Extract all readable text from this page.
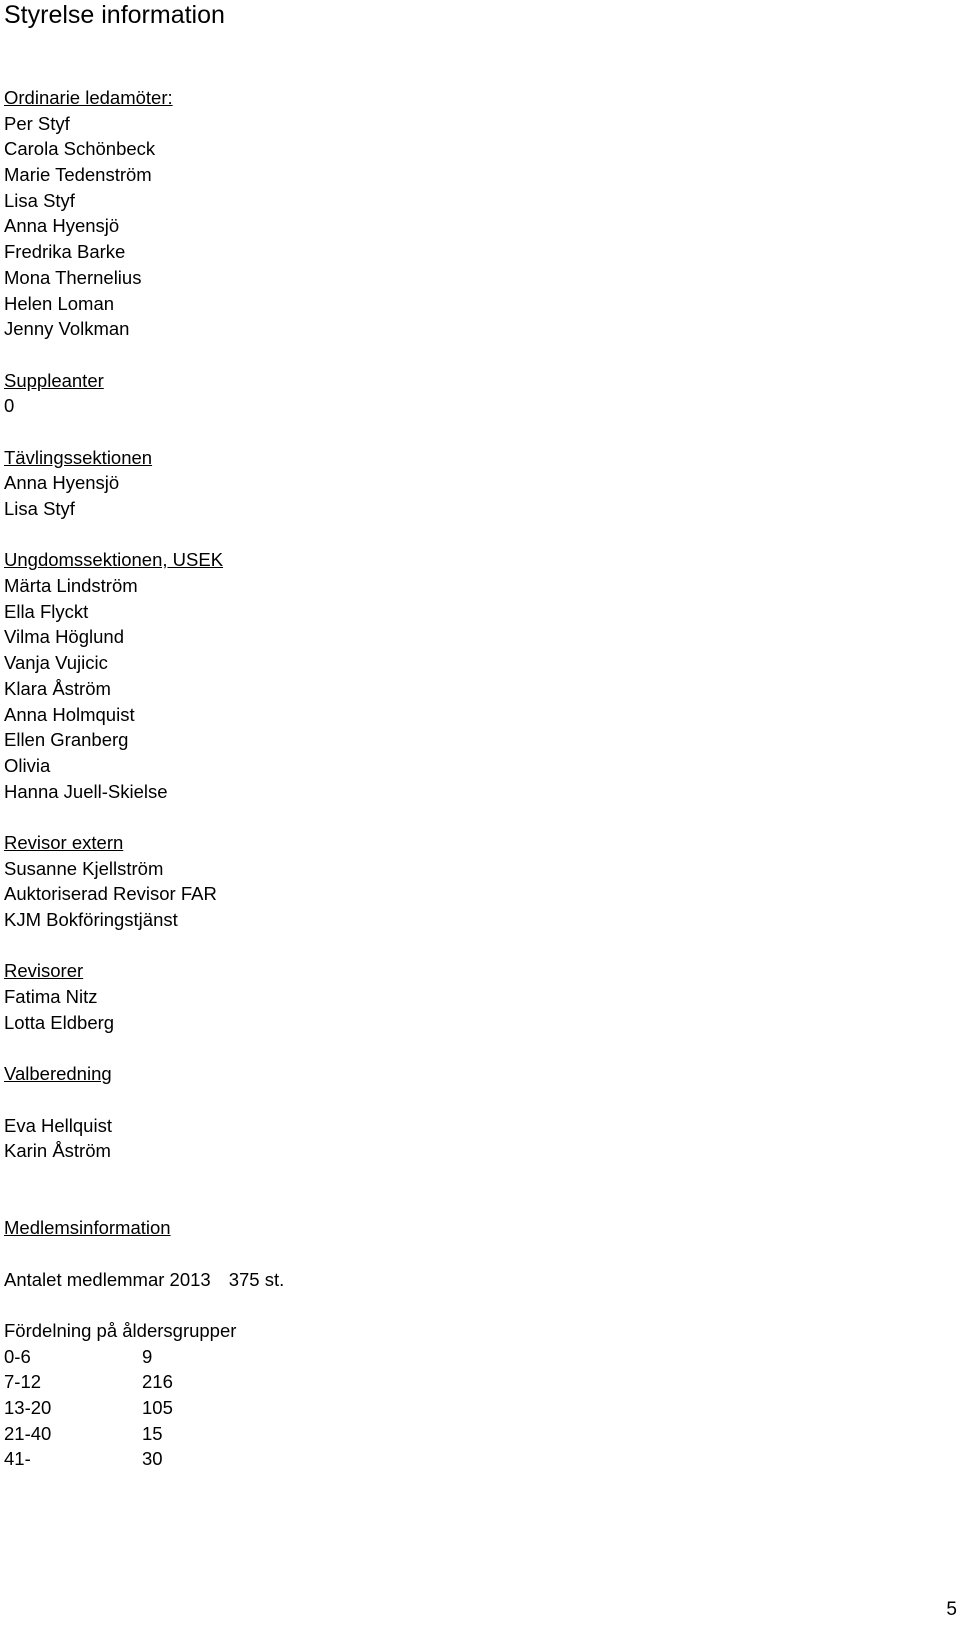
Styrelse information
Ordinarie ledamöter:
Per Styf
Carola Schönbeck
Marie Tedenström
Lisa Styf
Anna Hyensjö
Fredrika Barke
Mona Thernelius
Helen Loman
Jenny Volkman
Suppleanter
0
Tävlingssektionen
Anna Hyensjö
Lisa Styf
Ungdomssektionen, USEK
Märta Lindström
Ella Flyckt
Vilma Höglund
Vanja Vujicic
Klara Åström
Anna Holmquist
Ellen Granberg
Olivia
Hanna Juell-Skielse
Revisor extern
Susanne Kjellström
Auktoriserad Revisor FAR
KJM Bokföringstjänst
Revisorer
Fatima Nitz
Lotta Eldberg
Valberedning
Eva Hellquist
Karin Åström
Medlemsinformation
Antalet medlemmar 2013 375 st.
Fördelning på åldersgrupper
0-6	9
7-12	216
13-20	105
21-40	15
41-	30
5
